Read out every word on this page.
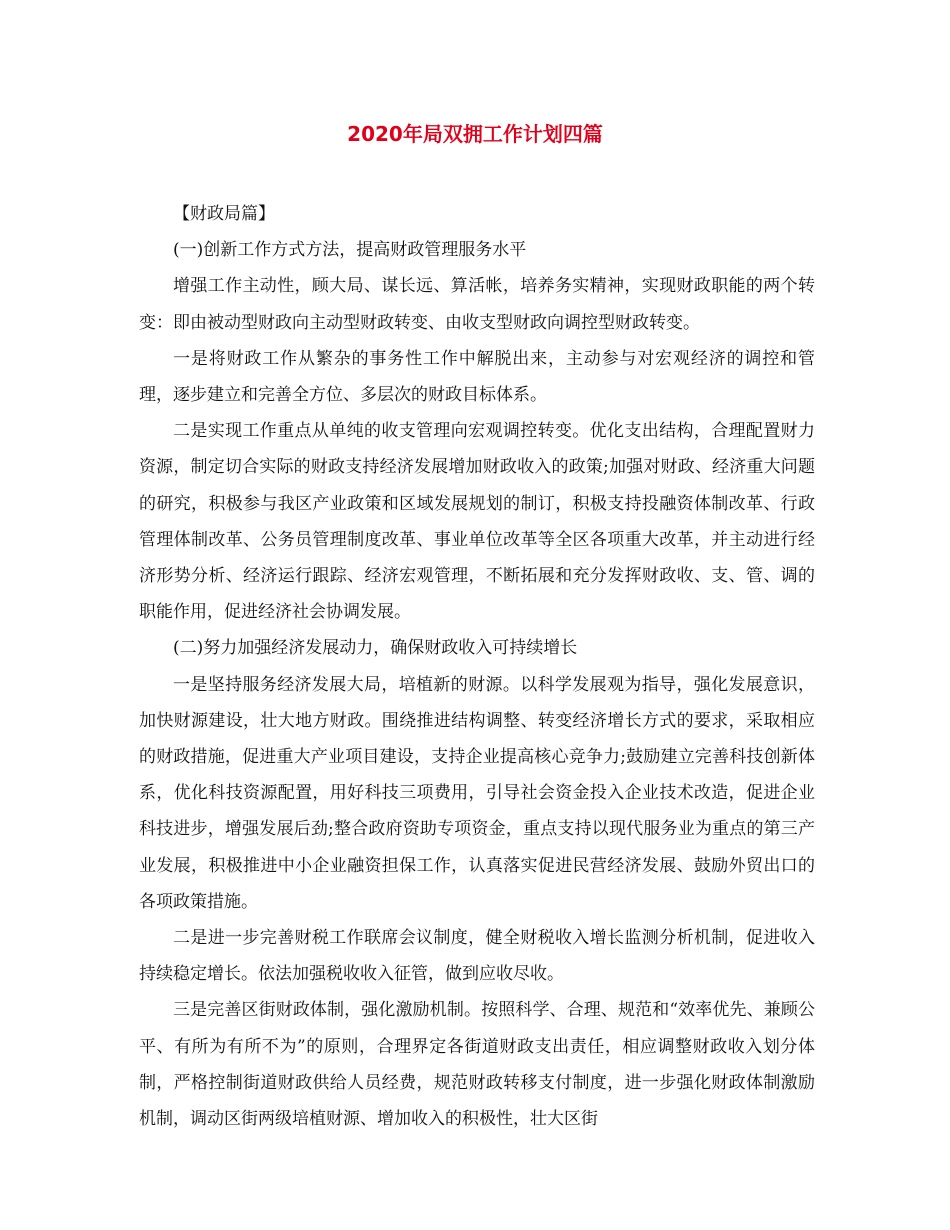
2020年局双拥工作计划四篇

【财政局篇】

(一)创新工作方式方法，提高财政管理服务水平

增强工作主动性，顾大局、谋长远、算活帐，培养务实精神，实现财政职能的两个转变：即由被动型财政向主动型财政转变、由收支型财政向调控型财政转变。

一是将财政工作从繁杂的事务性工作中解脱出来，主动参与对宏观经济的调控和管理，逐步建立和完善全方位、多层次的财政目标体系。

二是实现工作重点从单纯的收支管理向宏观调控转变。优化支出结构，合理配置财力资源，制定切合实际的财政支持经济发展增加财政收入的政策;加强对财政、经济重大问题的研究，积极参与我区产业政策和区域发展规划的制订，积极支持投融资体制改革、行政管理体制改革、公务员管理制度改革、事业单位改革等全区各项重大改革，并主动进行经济形势分析、经济运行跟踪、经济宏观管理，不断拓展和充分发挥财政收、支、管、调的职能作用，促进经济社会协调发展。

(二)努力加强经济发展动力，确保财政收入可持续增长

一是坚持服务经济发展大局，培植新的财源。以科学发展观为指导，强化发展意识，加快财源建设，壮大地方财政。围绕推进结构调整、转变经济增长方式的要求，采取相应的财政措施，促进重大产业项目建设，支持企业提高核心竞争力;鼓励建立完善科技创新体系，优化科技资源配置，用好科技三项费用，引导社会资金投入企业技术改造，促进企业科技进步，增强发展后劲;整合政府资助专项资金，重点支持以现代服务业为重点的第三产业发展，积极推进中小企业融资担保工作，认真落实促进民营经济发展、鼓励外贸出口的各项政策措施。

二是进一步完善财税工作联席会议制度，健全财税收入增长监测分析机制，促进收入持续稳定增长。依法加强税收收入征管，做到应收尽收。

三是完善区街财政体制，强化激励机制。按照科学、合理、规范和“效率优先、兼顾公平、有所为有所不为”的原则，合理界定各街道财政支出责任，相应调整财政收入划分体制，严格控制街道财政供给人员经费，规范财政转移支付制度，进一步强化财政体制激励机制，调动区街两级培植财源、增加收入的积极性，壮大区街
